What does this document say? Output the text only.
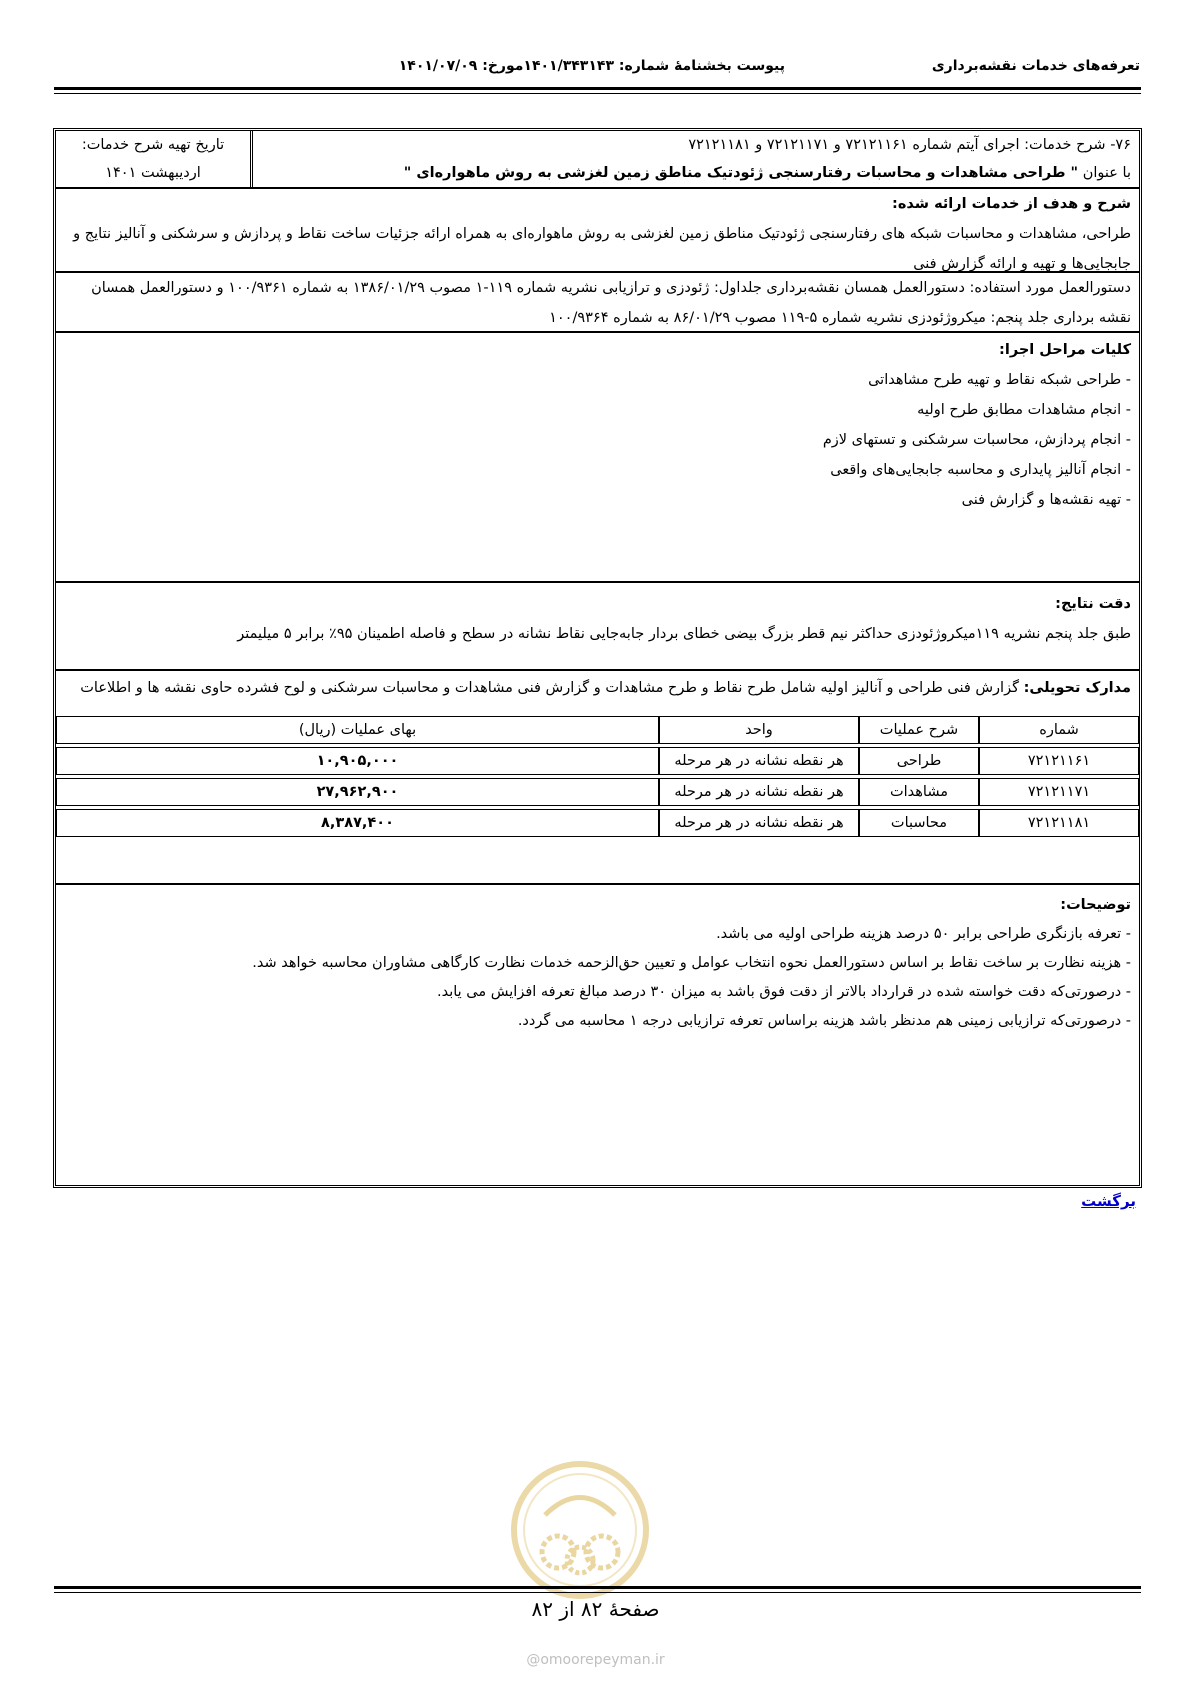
تعرفه‌های خدمات نقشه‌برداری
پیوست بخشنامهٔ شماره: ۱۴۰۱/۳۴۳۱۴۳مورخ: ۱۴۰۱/۰۷/۰۹
۷۶- شرح خدمات: اجرای آیتم شماره ۷۲۱۲۱۱۶۱ و ۷۲۱۲۱۱۷۱ و ۷۲۱۲۱۱۸۱
با عنوان " طراحی مشاهدات و محاسبات رفتارسنجی ژئودتیک مناطق زمین لغزشی به روش ماهواره‌ای "
تاریخ تهیه شرح خدمات:
اردیبهشت ۱۴۰۱
شرح و هدف از خدمات ارائه شده:
طراحی، مشاهدات و محاسبات شبکه های رفتارسنجی ژئودتیک مناطق زمین لغزشی به روش ماهواره‌ای به همراه ارائه جزئیات ساخت نقاط و پردازش و سرشکنی و آنالیز نتایج و
جابجایی‌ها و تهیه و ارائه گزارش فنی
دستورالعمل مورد استفاده: دستورالعمل همسان نقشه‌برداری جلداول: ژئودزی و ترازیابی نشریه شماره ۱۱۹-۱ مصوب ۱۳۸۶/۰۱/۲۹ به شماره ۱۰۰/۹۳۶۱ و دستورالعمل همسان
نقشه برداری جلد پنجم: میکروژئودزی نشریه شماره ۵-۱۱۹ مصوب ۸۶/۰۱/۲۹ به شماره ۱۰۰/۹۳۶۴
کلیات مراحل اجرا:
- طراحی شبکه نقاط و تهیه طرح مشاهداتی
- انجام مشاهدات مطابق طرح اولیه
- انجام پردازش، محاسبات سرشکنی و تستهای لازم
- انجام آنالیز پایداری و محاسبه جابجایی‌های واقعی
- تهیه نقشه‌ها و گزارش فنی
دقت نتایج:
طبق جلد پنجم نشریه ۱۱۹میکروژئودزی حداکثر نیم قطر بزرگ بیضی خطای بردار جابه‌جایی نقاط نشانه در سطح و فاصله اطمینان ۹۵٪ برابر ۵ میلیمتر
مدارک تحویلی: گزارش فنی طراحی و آنالیز اولیه شامل طرح نقاط و طرح مشاهدات و گزارش فنی مشاهدات و محاسبات سرشکنی و لوح فشرده حاوی نقشه ها و اطلاعات
شماره	شرح عملیات	واحد	بهای عملیات (ریال)
۷۲۱۲۱۱۶۱	طراحی	هر نقطه نشانه در هر مرحله	۱۰,۹۰۵,۰۰۰
۷۲۱۲۱۱۷۱	مشاهدات	هر نقطه نشانه در هر مرحله	۲۷,۹۶۲,۹۰۰
۷۲۱۲۱۱۸۱	محاسبات	هر نقطه نشانه در هر مرحله	۸,۳۸۷,۴۰۰
توضیحات:
- تعرفه بازنگری طراحی برابر ۵۰ درصد هزینه طراحی اولیه می باشد.
- هزینه نظارت بر ساخت نقاط بر اساس دستورالعمل نحوه انتخاب عوامل و تعیین حق‌الزحمه خدمات نظارت کارگاهی مشاوران محاسبه خواهد شد.
- درصورتی‌که دقت خواسته شده در قرارداد بالاتر از دقت فوق باشد به میزان ۳۰ درصد مبالغ تعرفه افزایش می یابد.
- درصورتی‌که ترازیابی زمینی هم مدنظر باشد هزینه براساس تعرفه ترازیابی درجه ۱ محاسبه می گردد.
برگشت
صفحهٔ ۸۲ از ۸۲
@omoorepeyman.ir
